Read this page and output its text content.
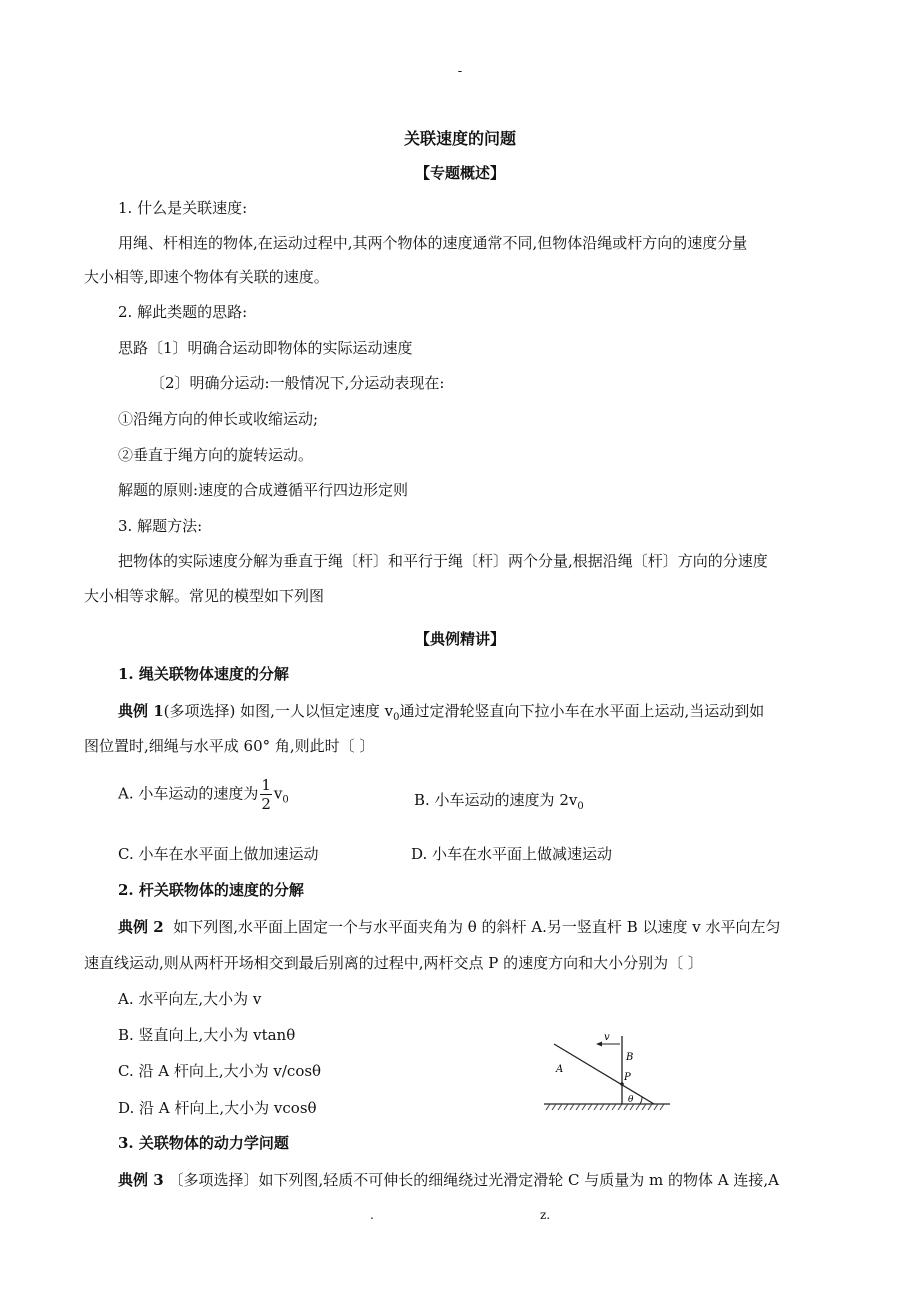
-
关联速度的问题
【专题概述】
1. 什么是关联速度:
用绳、杆相连的物体,在运动过程中,其两个物体的速度通常不同,但物体沿绳或杆方向的速度分量
大小相等,即速个物体有关联的速度。
2. 解此类题的思路:
思路〔1〕明确合运动即物体的实际运动速度
〔2〕明确分运动:一般情况下,分运动表现在:
①沿绳方向的伸长或收缩运动;
②垂直于绳方向的旋转运动。
解题的原则:速度的合成遵循平行四边形定则
3. 解题方法:
把物体的实际速度分解为垂直于绳〔杆〕和平行于绳〔杆〕两个分量,根据沿绳〔杆〕方向的分速度
大小相等求解。常见的模型如下列图
【典例精讲】
1. 绳关联物体速度的分解
典例 1(多项选择) 如图,一人以恒定速度 $v_0$通过定滑轮竖直向下拉小车在水平面上运动,当运动到如
图位置时,细绳与水平成 60° 角,则此时〔 〕
A. 小车运动的速度为 $\frac{1}{2} v_0$	B. 小车运动的速度为 $2v_0$
C. 小车在水平面上做加速运动	D. 小车在水平面上做减速运动
2. 杆关联物体的速度的分解
典例 2 如下列图,水平面上固定一个与水平面夹角为 θ 的斜杆 A.另一竖直杆 B 以速度 v 水平向左匀
速直线运动,则从两杆开场相交到最后别离的过程中,两杆交点 P 的速度方向和大小分别为〔 〕
A. 水平向左,大小为 v
B. 竖直向上,大小为 vtanθ
C. 沿 A 杆向上,大小为 v/cosθ
D. 沿 A 杆向上,大小为 vcosθ
v
B
A
P
θ
3. 关联物体的动力学问题
典例 3 〔多项选择〕如下列图,轻质不可伸长的细绳绕过光滑定滑轮 C 与质量为 m 的物体 A 连接,A
.	z.
